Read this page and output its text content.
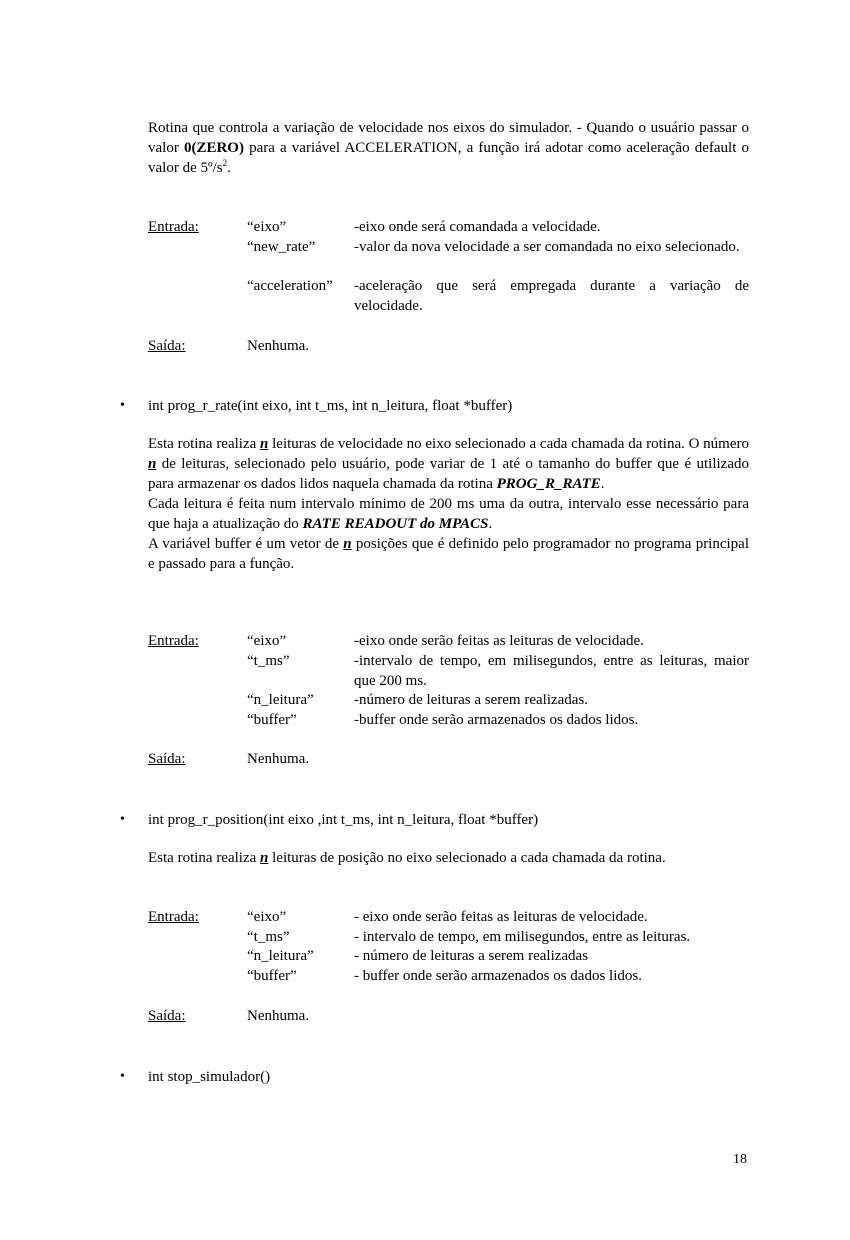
Rotina que controla a variação de velocidade nos eixos do simulador. - Quando o usuário passar o valor 0(ZERO) para a variável ACCELERATION, a função irá adotar como aceleração default o valor de $5º/s^2$.
Entrada:	“eixo”	-eixo onde será comandada a velocidade.
“new_rate”	-valor da nova velocidade a ser comandada no eixo selecionado.
“acceleration” -aceleração que será empregada durante a variação de velocidade.
Saída:	Nenhuma.
• int prog_r_rate(int eixo, int t_ms, int n_leitura, float *buffer)
Esta rotina realiza n leituras de velocidade no eixo selecionado a cada chamada da rotina. O número n de leituras, selecionado pelo usuário, pode variar de 1 até o tamanho do buffer que é utilizado para armazenar os dados lidos naquela chamada da rotina PROG_R_RATE.
Cada leitura é feita num intervalo mínimo de 200 ms uma da outra, intervalo esse necessário para que haja a atualização do RATE READOUT do MPACS.
A variável buffer é um vetor de n posições que é definido pelo programador no programa principal e passado para a função.
Entrada:	“eixo”	-eixo onde serão feitas as leituras de velocidade.
“t_ms”	-intervalo de tempo, em milisegundos, entre as leituras, maior que 200 ms.
“n_leitura”	-número de leituras a serem realizadas.
“buffer”	-buffer onde serão armazenados os dados lidos.
Saída:	Nenhuma.
• int prog_r_position(int eixo ,int t_ms, int n_leitura, float *buffer)
Esta rotina realiza n leituras de posição no eixo selecionado a cada chamada da rotina.
Entrada:	“eixo”	- eixo onde serão feitas as leituras de velocidade.
“t_ms”	- intervalo de tempo, em milisegundos, entre as leituras.
“n_leitura”	- número de leituras a serem realizadas
“buffer”	- buffer onde serão armazenados os dados lidos.
Saída:	Nenhuma.
• int stop_simulador()
18
